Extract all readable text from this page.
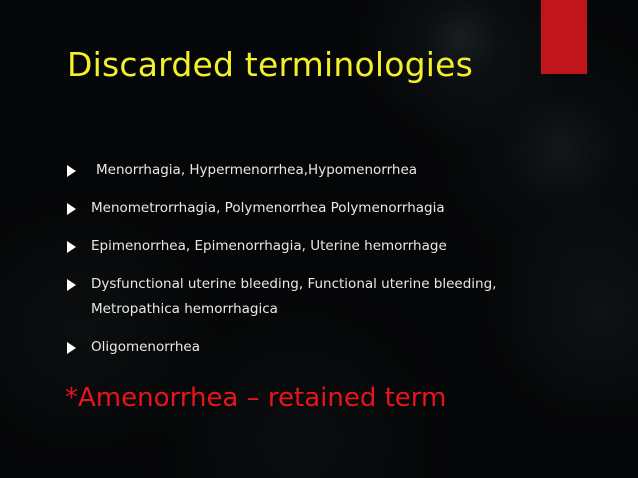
Discarded terminologies
Menorrhagia, Hypermenorrhea,Hypomenorrhea
Menometrorrhagia, Polymenorrhea Polymenorrhagia
Epimenorrhea, Epimenorrhagia, Uterine hemorrhage
Dysfunctional uterine bleeding, Functional uterine bleeding,
Metropathica hemorrhagica
Oligomenorrhea

*Amenorrhea – retained term
